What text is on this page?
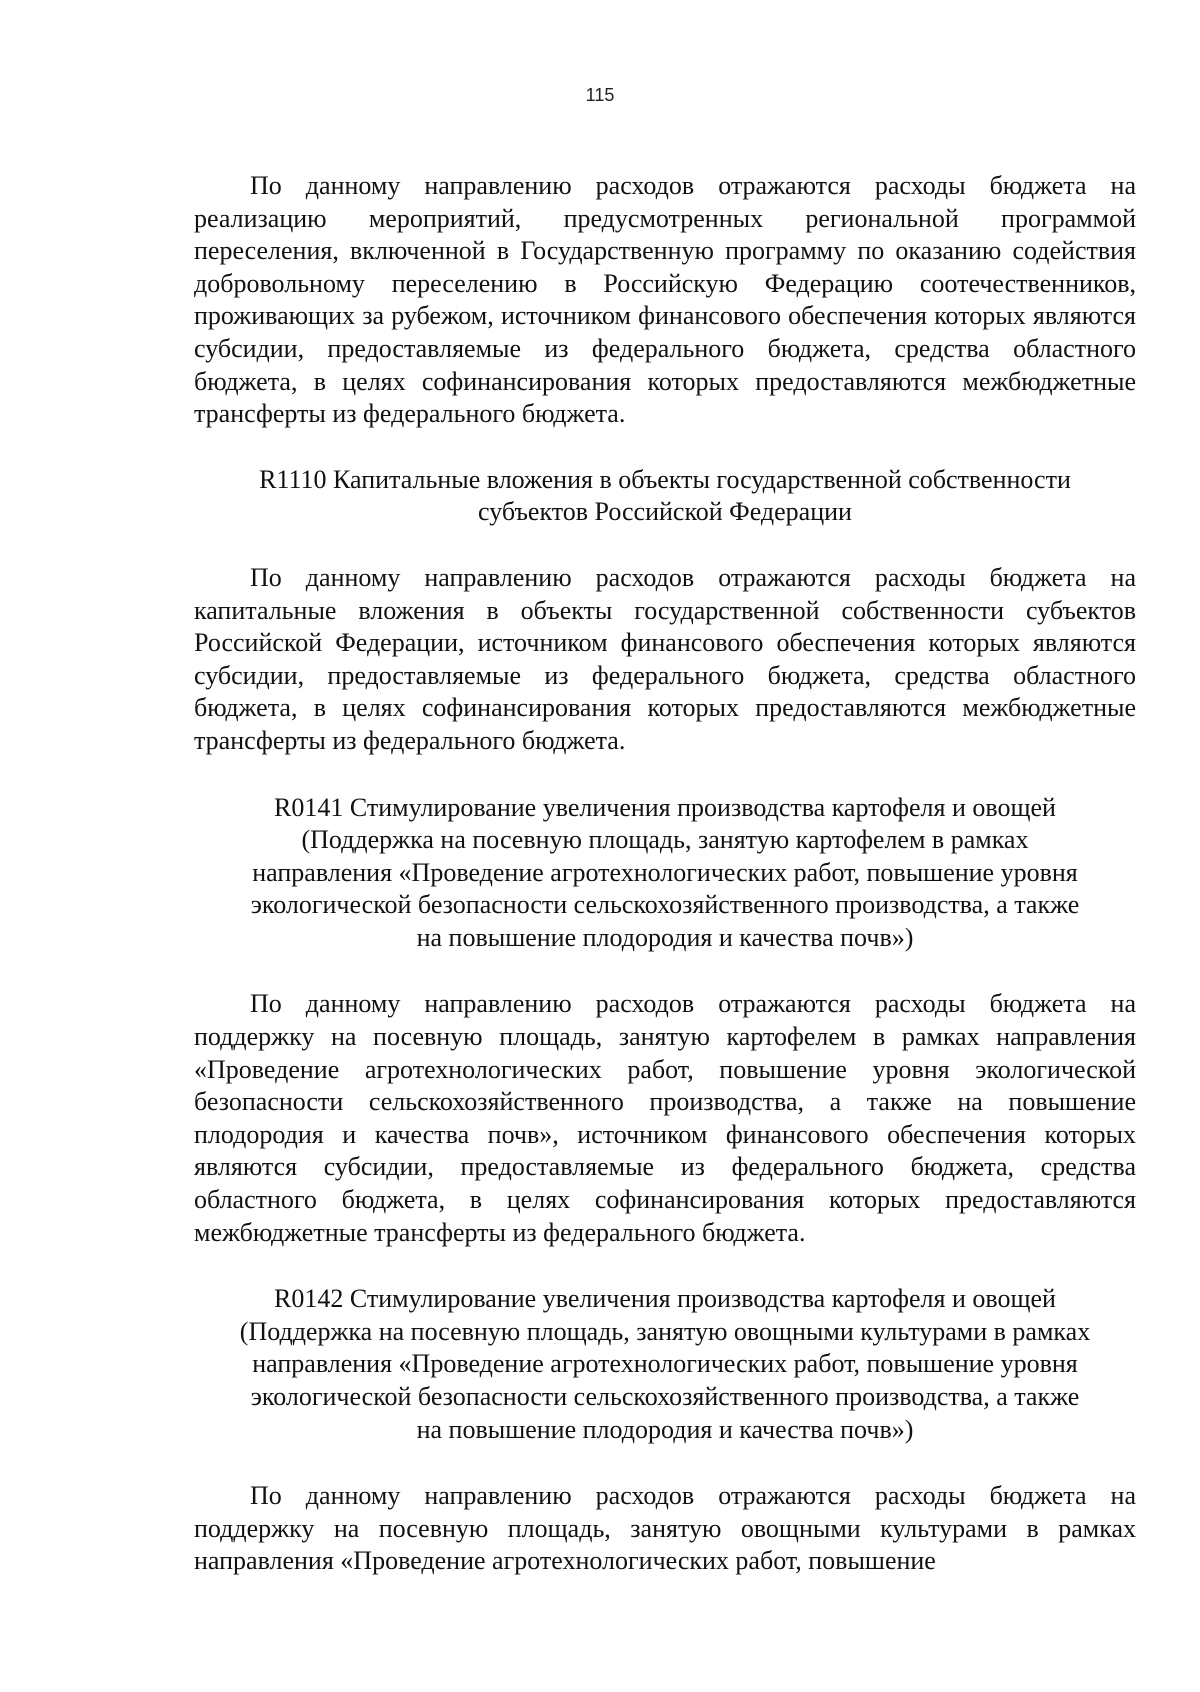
115

По данному направлению расходов отражаются расходы бюджета на реализацию мероприятий, предусмотренных региональной программой переселения, включенной в Государственную программу по оказанию содействия добровольному переселению в Российскую Федерацию соотечественников, проживающих за рубежом, источником финансового обеспечения которых являются субсидии, предоставляемые из федерального бюджета, средства областного бюджета, в целях софинансирования которых предоставляются межбюджетные трансферты из федерального бюджета.

R1110 Капитальные вложения в объекты государственной собственности
субъектов Российской Федерации

По данному направлению расходов отражаются расходы бюджета на капитальные вложения в объекты государственной собственности субъектов Российской Федерации, источником финансового обеспечения которых являются субсидии, предоставляемые из федерального бюджета, средства областного бюджета, в целях софинансирования которых предоставляются межбюджетные трансферты из федерального бюджета.

R0141 Стимулирование увеличения производства картофеля и овощей
(Поддержка на посевную площадь, занятую картофелем в рамках
направления «Проведение агротехнологических работ, повышение уровня
экологической безопасности сельскохозяйственного производства, а также
на повышение плодородия и качества почв»)

По данному направлению расходов отражаются расходы бюджета на поддержку на посевную площадь, занятую картофелем в рамках направления «Проведение агротехнологических работ, повышение уровня экологической безопасности сельскохозяйственного производства, а также на повышение плодородия и качества почв», источником финансового обеспечения которых являются субсидии, предоставляемые из федерального бюджета, средства областного бюджета, в целях софинансирования которых предоставляются межбюджетные трансферты из федерального бюджета.

R0142 Стимулирование увеличения производства картофеля и овощей
(Поддержка на посевную площадь, занятую овощными культурами в рамках
направления «Проведение агротехнологических работ, повышение уровня
экологической безопасности сельскохозяйственного производства, а также
на повышение плодородия и качества почв»)

По данному направлению расходов отражаются расходы бюджета на поддержку на посевную площадь, занятую овощными культурами в рамках направления «Проведение агротехнологических работ, повышение
